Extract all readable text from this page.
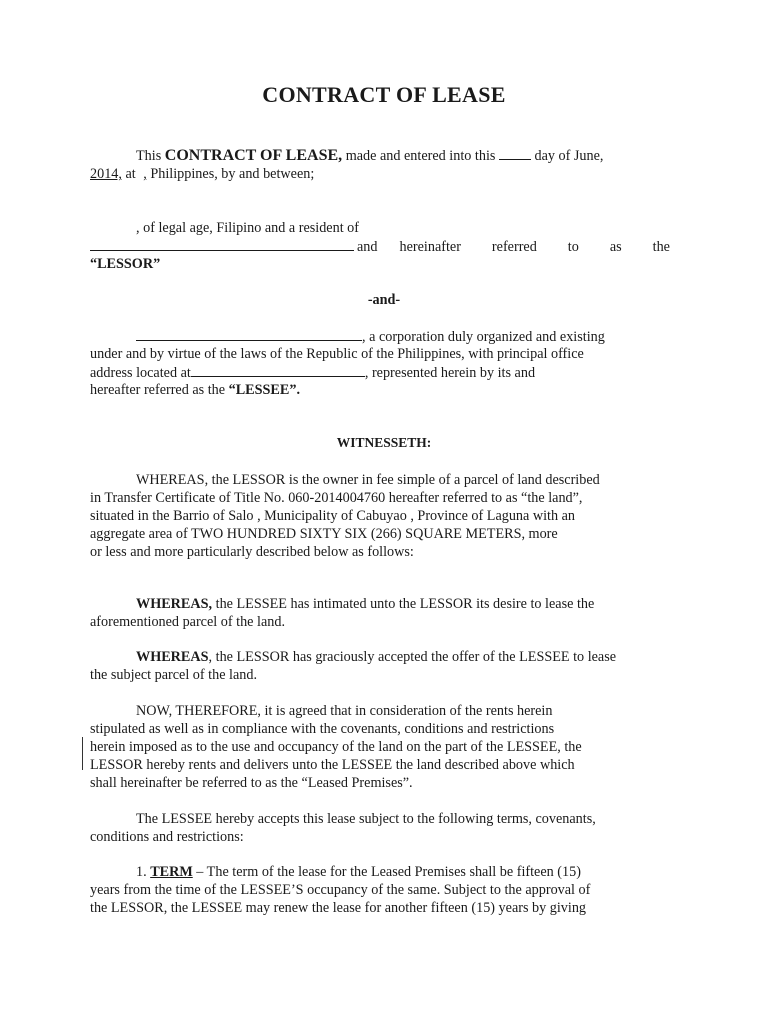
CONTRACT OF LEASE
This CONTRACT OF LEASE, made and entered into this	day of June,
2014, at , Philippines, by and between;
, of legal age, Filipino and a resident of
and hereinafter referred to as the
“LESSOR”
-and-
, a corporation duly organized and existing
under and by virtue of the laws of the Republic of the Philippines, with principal office
address located at	, represented herein by its and
hereafter referred as the “LESSEE”.
WITNESSETH:
WHEREAS, the LESSOR is the owner in fee simple of a parcel of land described
in Transfer Certificate of Title No. 060-2014004760 hereafter referred to as “the land”,
situated in the Barrio of Salo , Municipality of Cabuyao , Province of Laguna with an
aggregate area of TWO HUNDRED SIXTY SIX (266) SQUARE METERS, more
or less and more particularly described below as follows:
WHEREAS, the LESSEE has intimated unto the LESSOR its desire to lease the
aforementioned parcel of the land.
WHEREAS, the LESSOR has graciously accepted the offer of the LESSEE to lease
the subject parcel of the land.
NOW, THEREFORE, it is agreed that in consideration of the rents herein
stipulated as well as in compliance with the covenants, conditions and restrictions
herein imposed as to the use and occupancy of the land on the part of the LESSEE, the
LESSOR hereby rents and delivers unto the LESSEE the land described above which
shall hereinafter be referred to as the “Leased Premises”.
The LESSEE hereby accepts this lease subject to the following terms, covenants,
conditions and restrictions:
1. TERM – The term of the lease for the Leased Premises shall be fifteen (15)
years from the time of the LESSEE’S occupancy of the same. Subject to the approval of
the LESSOR, the LESSEE may renew the lease for another fifteen (15) years by giving
